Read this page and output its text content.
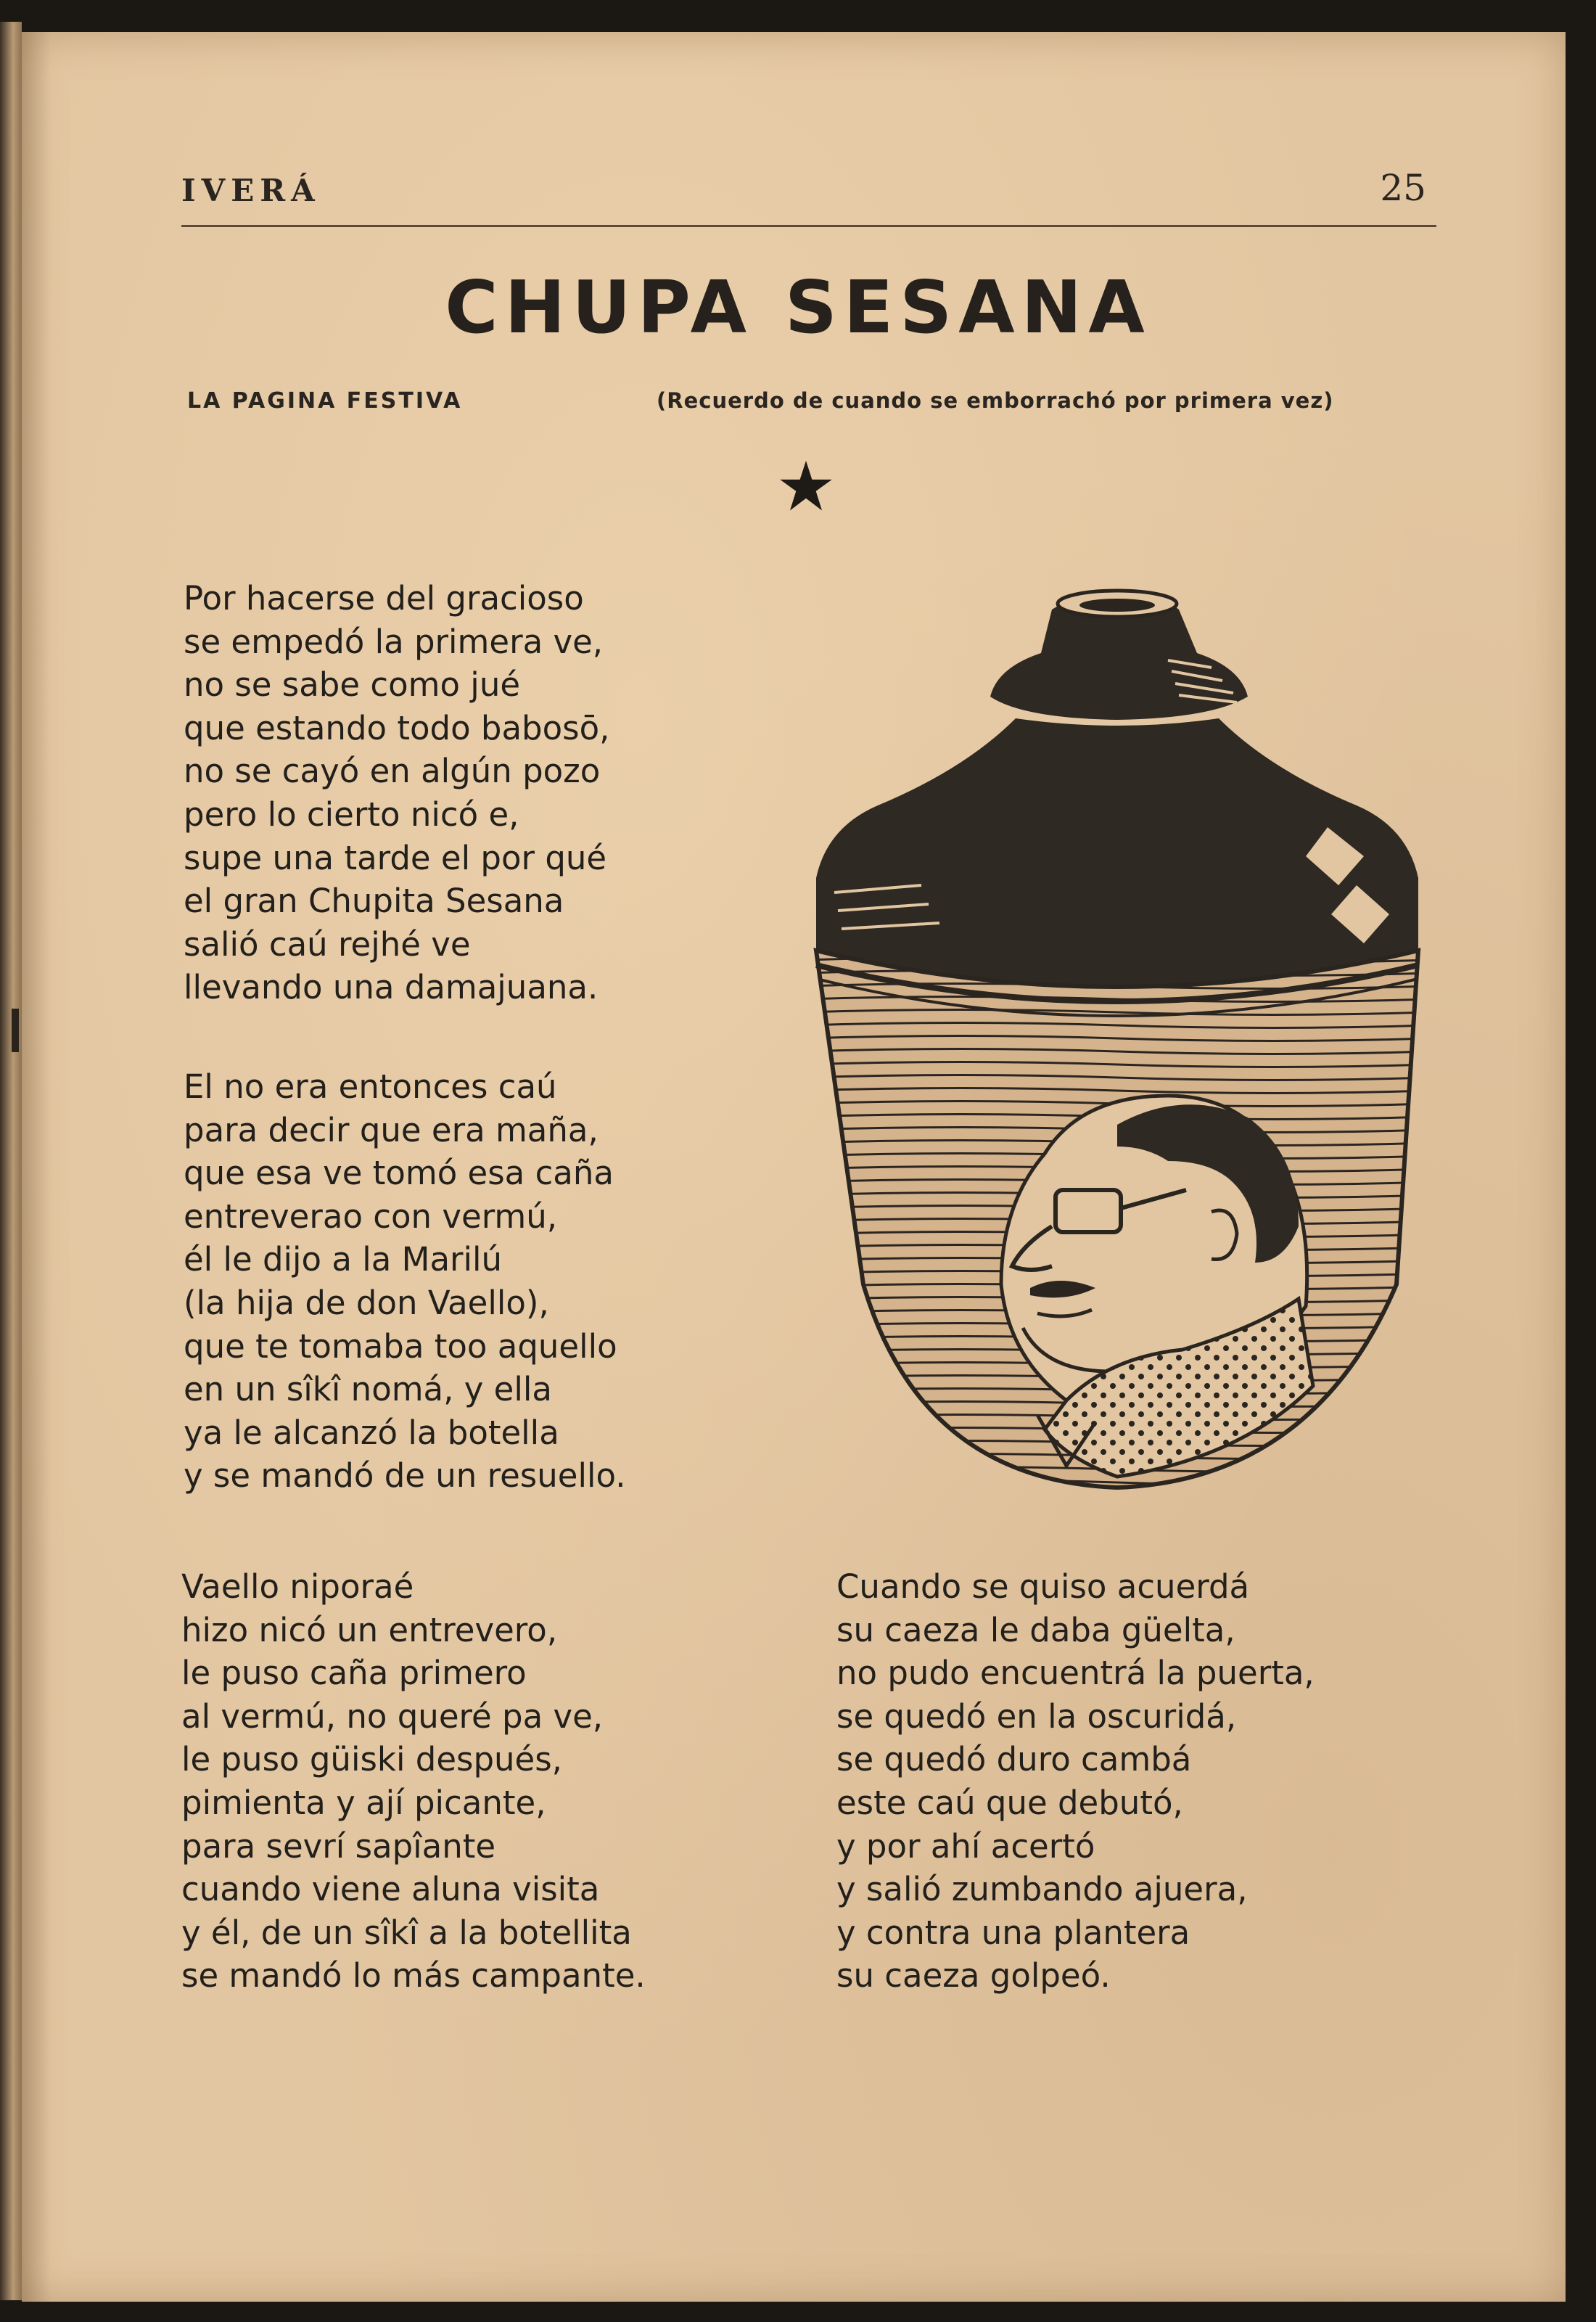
IVERÁ	25
CHUPA SESANA
LA PAGINA FESTIVA	(Recuerdo de cuando se emborrachó por primera vez)
Por hacerse del gracioso
se empedó la primera ve,
no se sabe como jué
que estando todo babosō,
no se cayó en algún pozo
pero lo cierto nicó e,
supe una tarde el por qué
el gran Chupita Sesana
salió caú rejhé ve
llevando una damajuana.
El no era entonces caú
para decir que era maña,
que esa ve tomó esa caña
entreverao con vermú,
él le dijo a la Marilú
(la hija de don Vaello),
que te tomaba too aquello
en un sîkî nomá, y ella
ya le alcanzó la botella
y se mandó de un resuello.
Vaello niporaé
hizo nicó un entrevero,
le puso caña primero
al vermú, no queré pa ve,
le puso güiski después,
pimienta y ají picante,
para sevrí sapîante
cuando viene aluna visita
y él, de un sîkî a la botellita
se mandó lo más campante.
Cuando se quiso acuerdá
su caeza le daba güelta,
no pudo encuentrá la puerta,
se quedó en la oscuridá,
se quedó duro cambá
este caú que debutó,
y por ahí acertó
y salió zumbando ajuera,
y contra una plantera
su caeza golpeó.
